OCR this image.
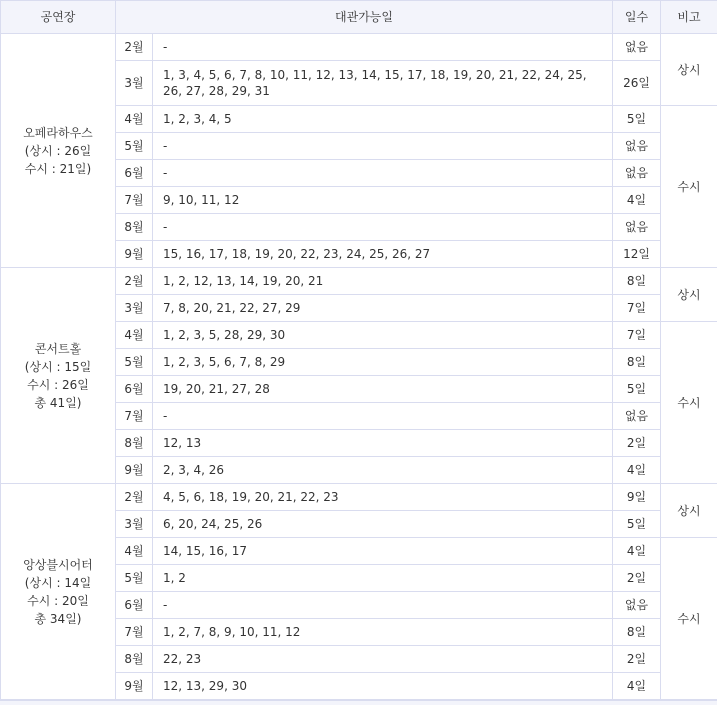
공연장	대관가능일		일수	비고

오페라하우스
(상시 : 26일
수시 : 21일)	2월	-	없음	상시
	3월	1, 3, 4, 5, 6, 7, 8, 10, 11, 12, 13, 14, 15, 17, 18, 19, 20, 21, 22, 24, 25, 26, 27, 28, 29, 31	26일	
	4월	1, 2, 3, 4, 5	5일	수시
	5월	-	없음	
	6월	-	없음	
	7월	9, 10, 11, 12	4일	
	8월	-	없음	
	9월	15, 16, 17, 18, 19, 20, 22, 23, 24, 25, 26, 27	12일	

콘서트홀
(상시 : 15일
수시 : 26일
총 41일)	2월	1, 2, 12, 13, 14, 19, 20, 21	8일	상시
	3월	7, 8, 20, 21, 22, 27, 29	7일	
	4월	1, 2, 3, 5, 28, 29, 30	7일	수시
	5월	1, 2, 3, 5, 6, 7, 8, 29	8일	
	6월	19, 20, 21, 27, 28	5일	
	7월	-	없음	
	8월	12, 13	2일	
	9월	2, 3, 4, 26	4일	

앙상블시어터
(상시 : 14일
수시 : 20일
총 34일)	2월	4, 5, 6, 18, 19, 20, 21, 22, 23	9일	상시
	3월	6, 20, 24, 25, 26	5일	
	4월	14, 15, 16, 17	4일	수시
	5월	1, 2	2일	
	6월	-	없음	
	7월	1, 2, 7, 8, 9, 10, 11, 12	8일	
	8월	22, 23	2일	
	9월	12, 13, 29, 30	4일	
